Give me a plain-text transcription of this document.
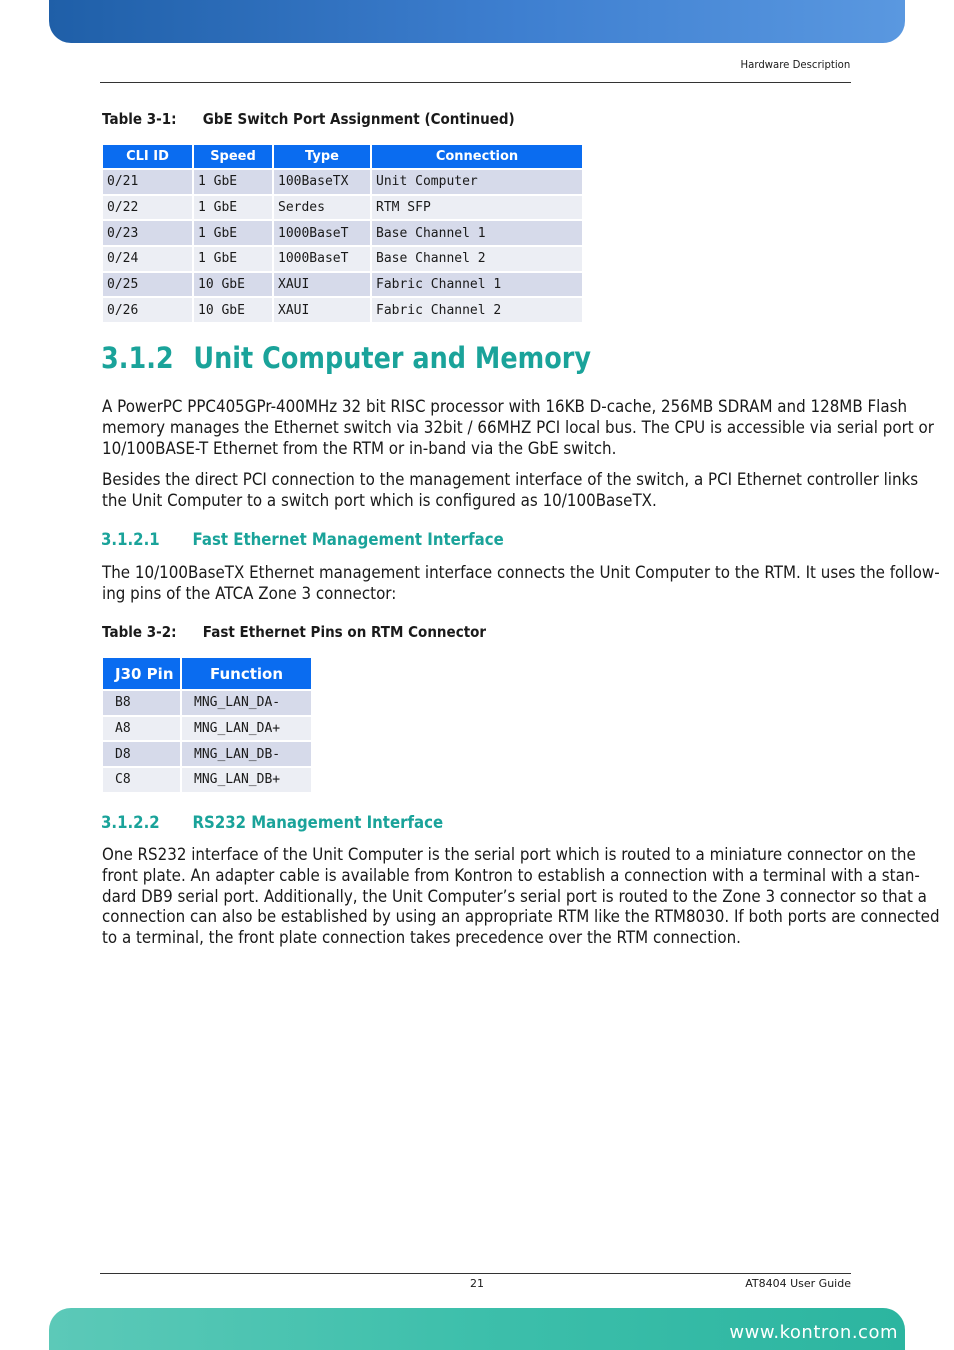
Hardware Description
Table 3-1: GbE Switch Port Assignment (Continued)
CLI ID	Speed	Type	Connection
0/21	1 GbE	100BaseTX	Unit Computer
0/22	1 GbE	Serdes	RTM SFP
0/23	1 GbE	1000BaseT	Base Channel 1
0/24	1 GbE	1000BaseT	Base Channel 2
0/25	10 GbE	XAUI	Fabric Channel 1
0/26	10 GbE	XAUI	Fabric Channel 2
3.1.2 Unit Computer and Memory
A PowerPC PPC405GPr-400MHz 32 bit RISC processor with 16KB D-cache, 256MB SDRAM and 128MB Flash
memory manages the Ethernet switch via 32bit / 66MHZ PCI local bus. The CPU is accessible via serial port or
10/100BASE-T Ethernet from the RTM or in-band via the GbE switch.
Besides the direct PCI connection to the management interface of the switch, a PCI Ethernet controller links
the Unit Computer to a switch port which is configured as 10/100BaseTX.
3.1.2.1 Fast Ethernet Management Interface
The 10/100BaseTX Ethernet management interface connects the Unit Computer to the RTM. It uses the follow-
ing pins of the ATCA Zone 3 connector:
Table 3-2: Fast Ethernet Pins on RTM Connector
J30 Pin	Function
B8	MNG_LAN_DA-
A8	MNG_LAN_DA+
D8	MNG_LAN_DB-
C8	MNG_LAN_DB+
3.1.2.2 RS232 Management Interface
One RS232 interface of the Unit Computer is the serial port which is routed to a miniature connector on the
front plate. An adapter cable is available from Kontron to establish a connection with a terminal with a stan-
dard DB9 serial port. Additionally, the Unit Computer’s serial port is routed to the Zone 3 connector so that a
connection can also be established by using an appropriate RTM like the RTM8030. If both ports are connected
to a terminal, the front plate connection takes precedence over the RTM connection.
21	AT8404 User Guide
www.kontron.com
